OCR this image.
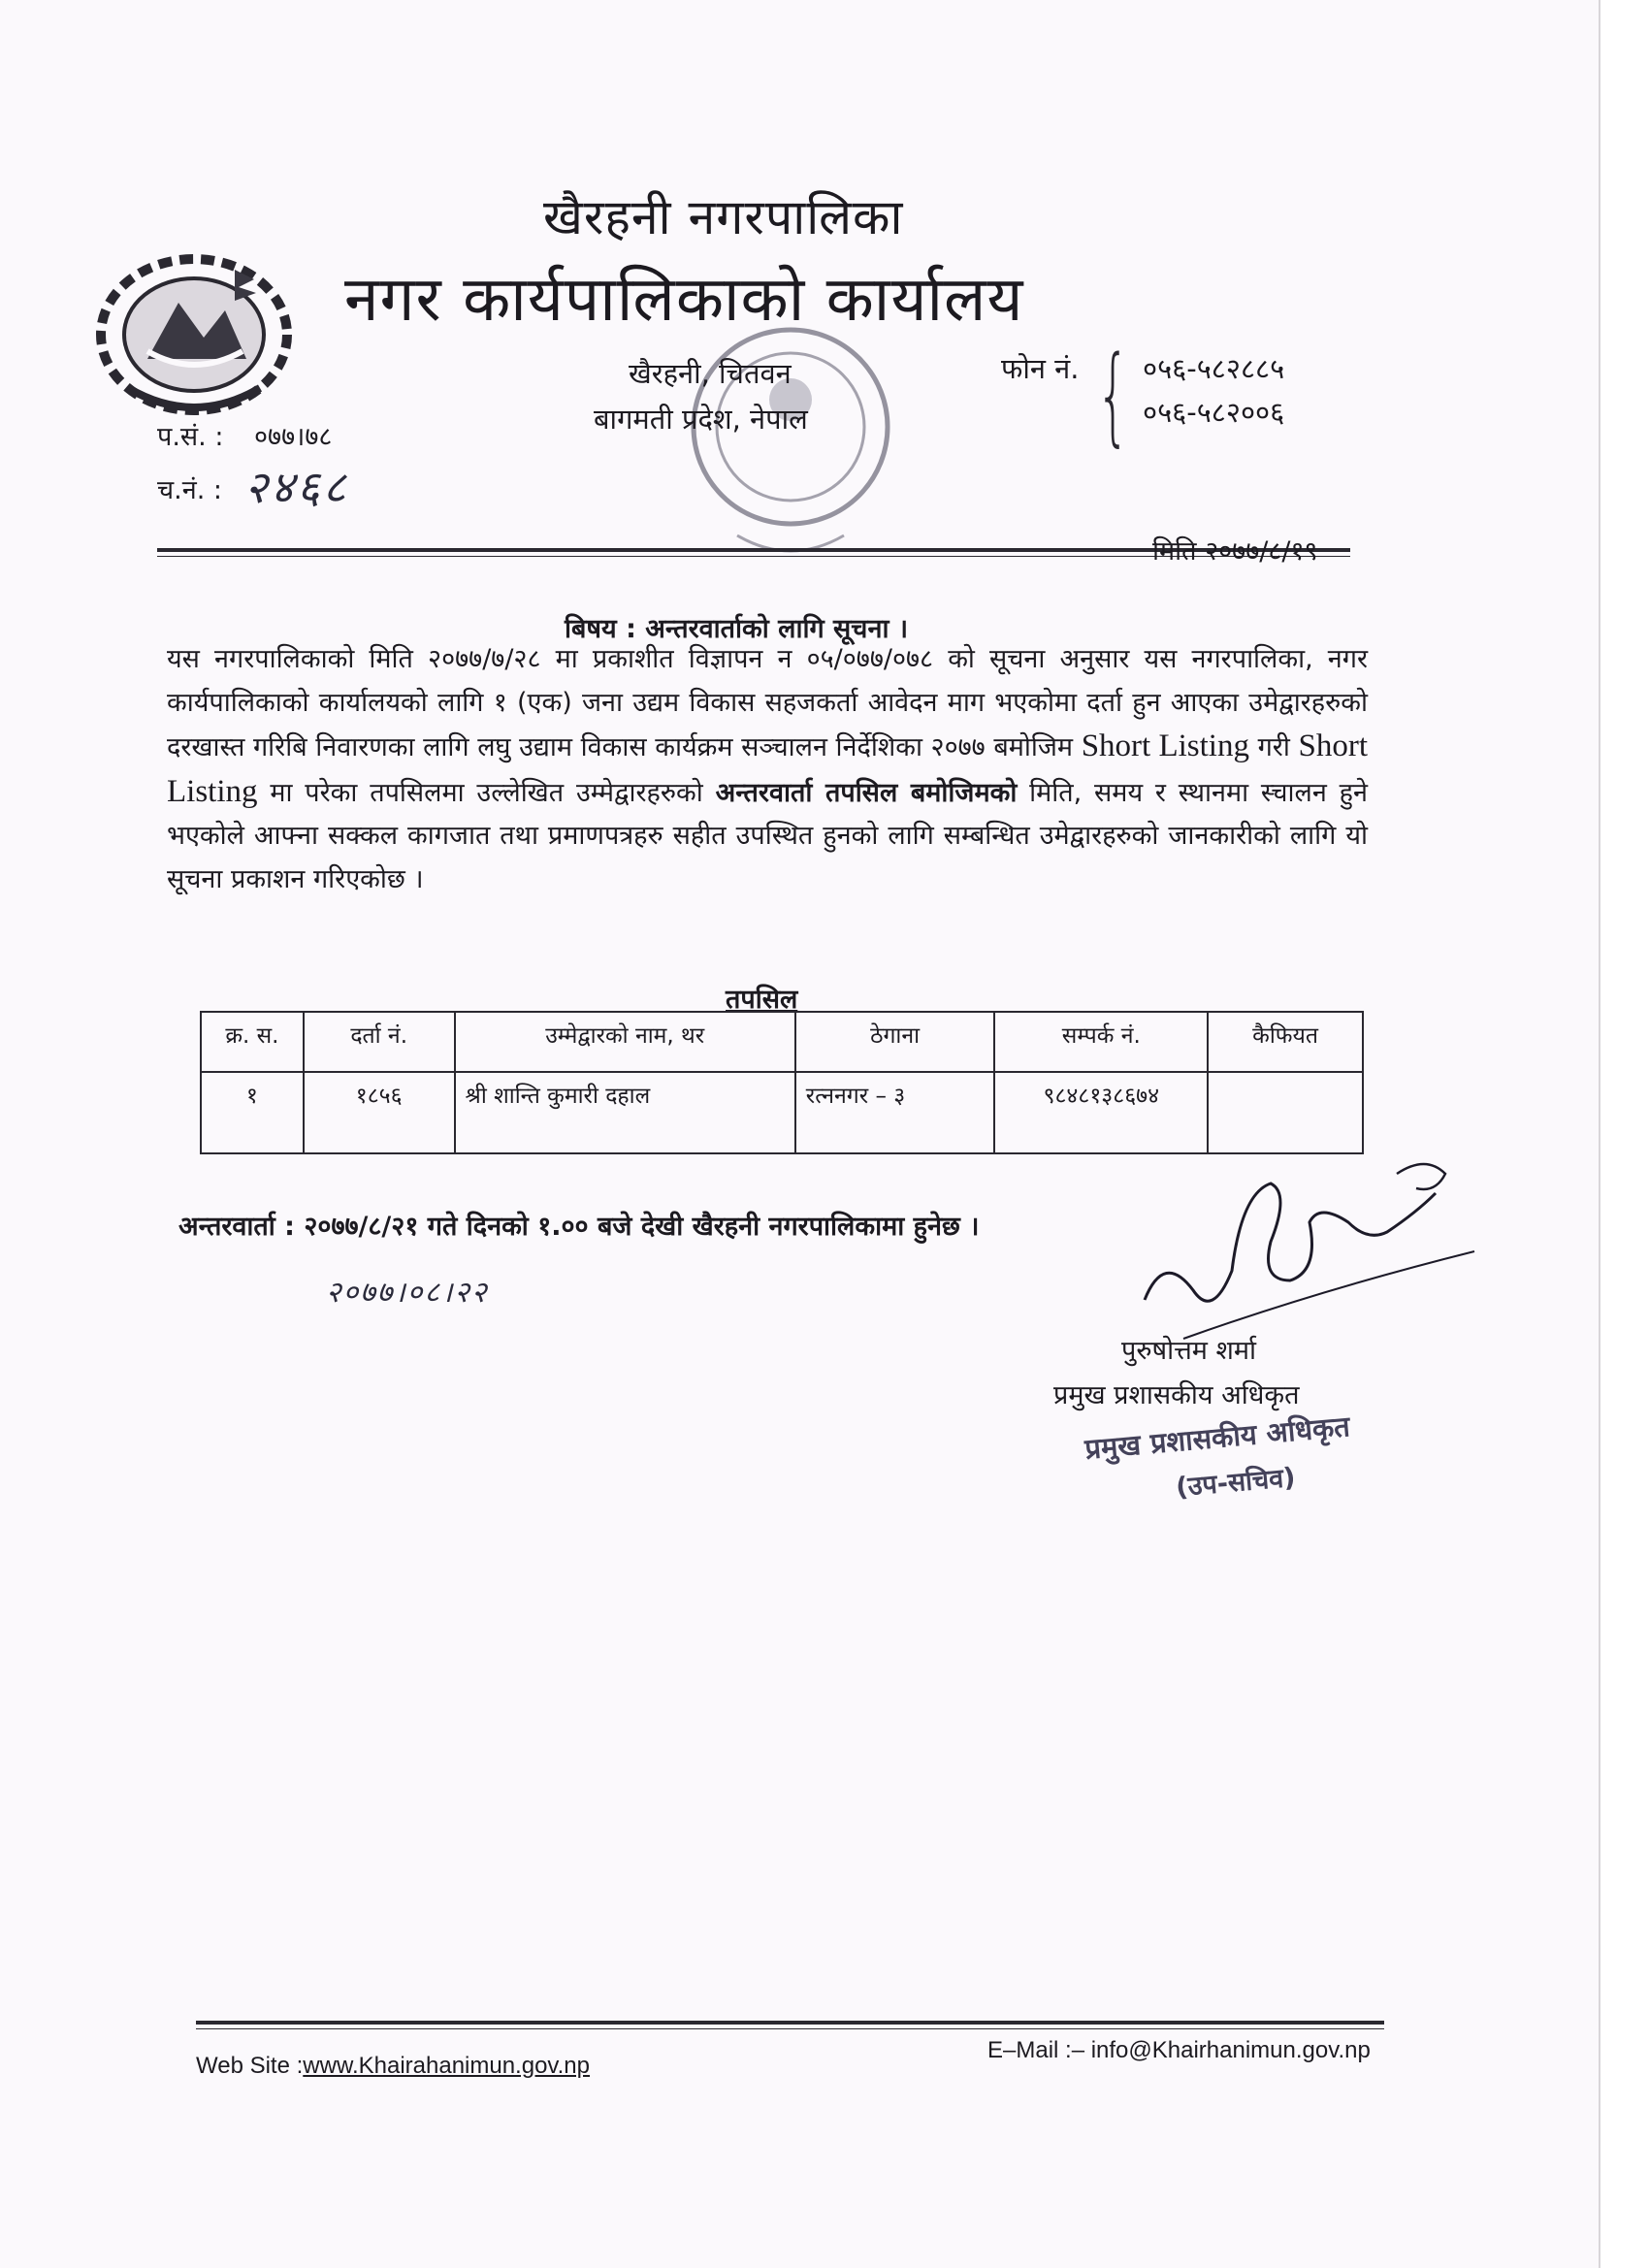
खैरहनी नगरपालिका
नगर कार्यपालिकाको कार्यालय
खैरहनी, चितवन
बागमती प्रदेश, नेपाल
फोन नं. { ०५६-५८२८८५
०५६-५८२००६
प.सं. : ०७७।७८
च.नं. : २४६८
मिति २०७७/८/१९
बिषय : अन्तरवार्ताको लागि सूचना ।
यस नगरपालिकाको मिति २०७७/७/२८ मा प्रकाशीत विज्ञापन न ०५/०७७/०७८ को सूचना अनुसार यस नगरपालिका, नगर कार्यपालिकाको कार्यालयको लागि १ (एक) जना उद्यम विकास सहजकर्ता आवेदन माग भएकोमा दर्ता हुन आएका उमेद्वारहरुको दरखास्त गरिबि निवारणका लागि लघु उद्याम विकास कार्यक्रम सञ्चालन निर्देशिका २०७७ बमोजिम Short Listing गरी Short Listing मा परेका तपसिलमा उल्लेखित उम्मेद्वारहरुको अन्तरवार्ता तपसिल बमोजिमको मिति, समय र स्थानमा स्चालन हुने भएकोले आफ्ना सक्कल कागजात तथा प्रमाणपत्रहरु सहीत उपस्थित हुनको लागि सम्बन्धित उमेद्वारहरुको जानकारीको लागि यो सूचना प्रकाशन गरिएकोछ ।
तपसिल
क्र. स.	दर्ता नं.	उम्मेद्वारको नाम, थर	ठेगाना	सम्पर्क नं.	कैफियत
१	१८५६	श्री शान्ति कुमारी दहाल	रत्ननगर – ३	९८४८१३८६७४	
अन्तरवार्ता : २०७७/८/२१ गते दिनको १.०० बजे देखी खैरहनी नगरपालिकामा हुनेछ ।
२०७७।०८।२२
पुरुषोत्तम शर्मा
प्रमुख प्रशासकीय अधिकृत
प्रमुख प्रशासकीय अधिकृत
(उप-सचिव)
Web Site :www.Khairahanimun.gov.np
E–Mail :– info@Khairhanimun.gov.np
